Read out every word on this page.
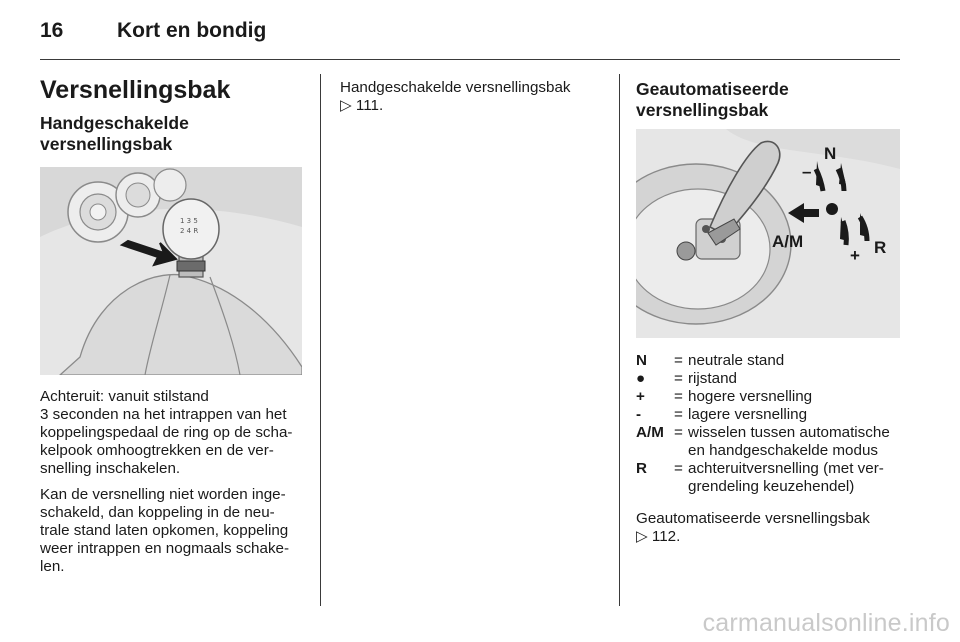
16	Kort en bondig
Versnellingsbak
Handgeschakelde
versnellingsbak
1 3 5
2 4 R

Achteruit: vanuit stilstand
3 seconden na het intrappen van het
koppelingspedaal de ring op de scha-
kelpook omhoogtrekken en de ver-
snelling inschakelen.

Kan de versnelling niet worden inge-
schakeld, dan koppeling in de neu-
trale stand laten opkomen, koppeling
weer intrappen en nogmaals schake-
len.

Handgeschakelde versnellingsbak
▷ 111.

Geautomatiseerde
versnellingsbak
N
–
A/M	R
+
N	= neutrale stand
●	= rijstand
+	= hogere versnelling
-	= lagere versnelling
A/M = wisselen tussen automatische en handgeschakelde modus
R	= achteruitversnelling (met ver- grendeling keuzehendel)

Geautomatiseerde versnellingsbak
▷ 112.

carmanualsonline.info
